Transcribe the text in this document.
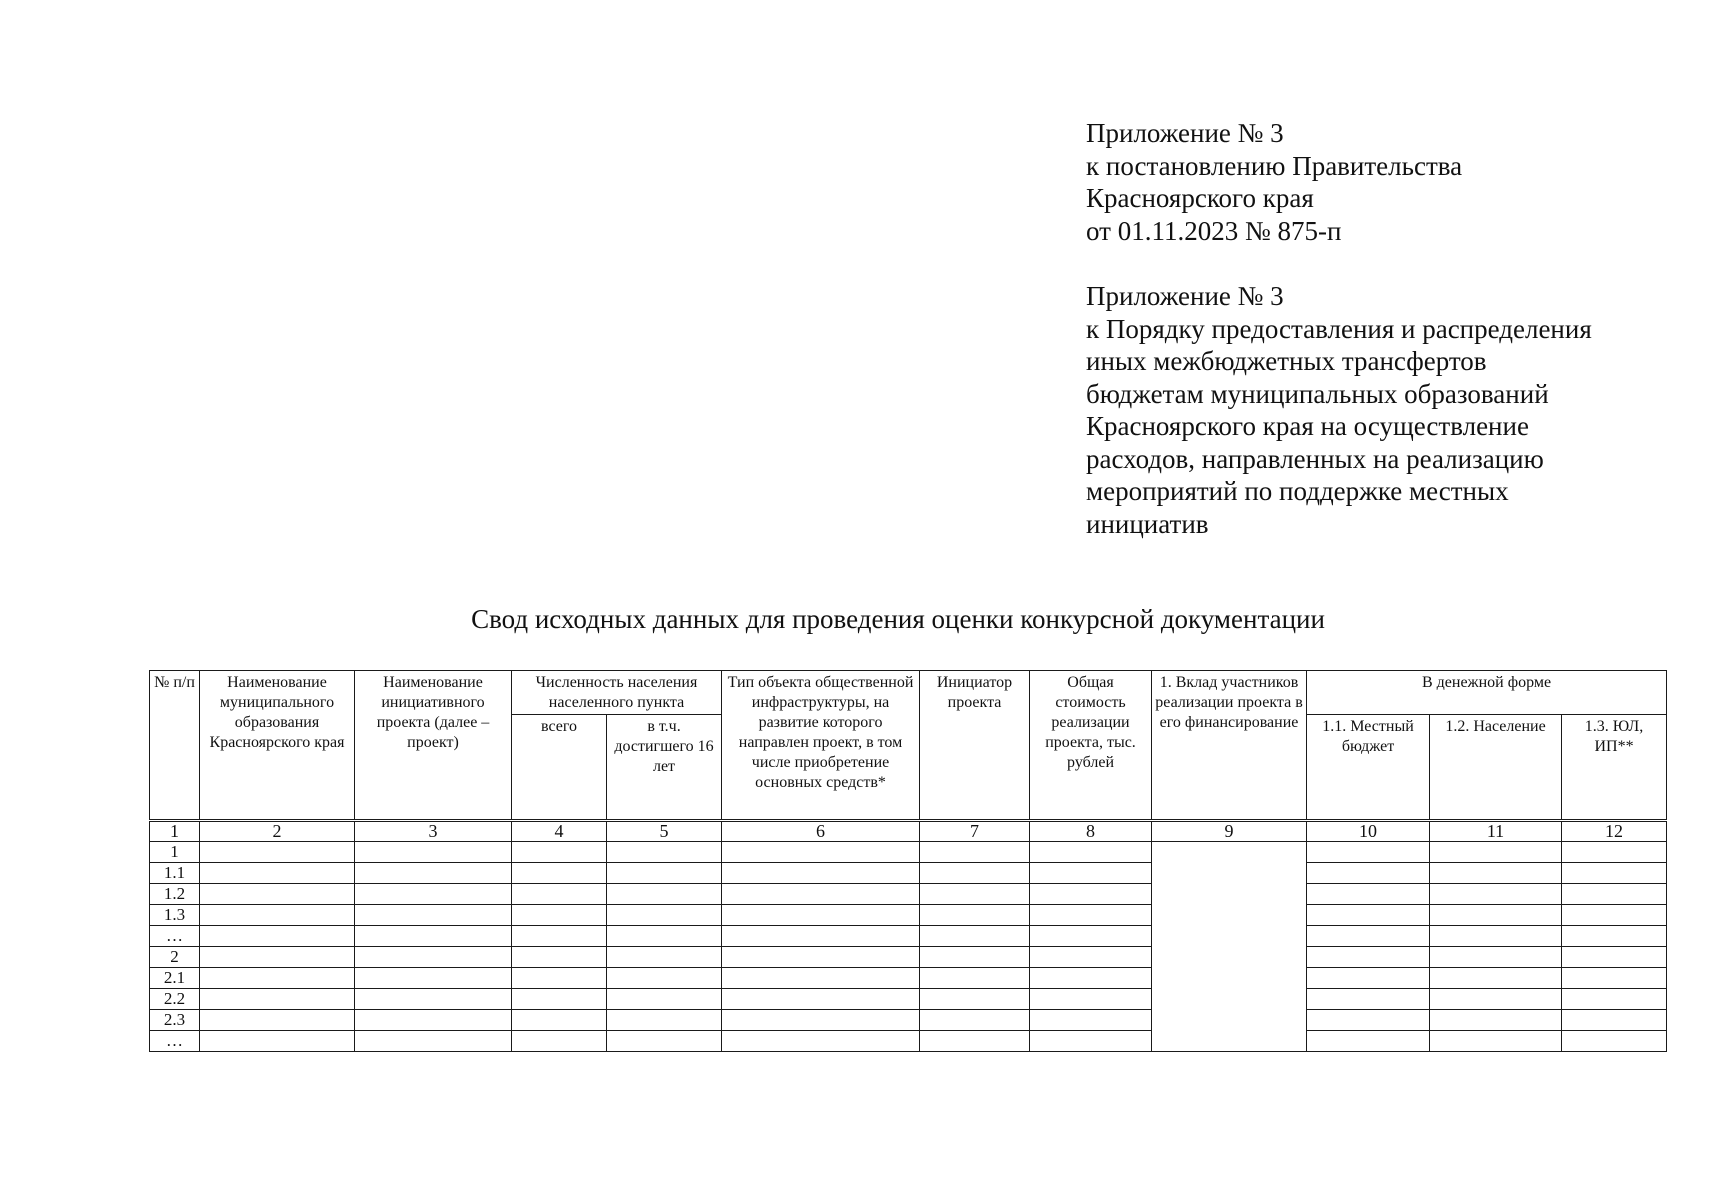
Приложение № 3
к постановлению Правительства
Красноярского края
от 01.11.2023 № 875-п
Приложение № 3
к Порядку предоставления и распределения
иных межбюджетных трансфертов
бюджетам муниципальных образований
Красноярского края на осуществление
расходов, направленных на реализацию
мероприятий по поддержке местных
инициатив
Свод исходных данных для проведения оценки конкурсной документации
№ п/п	Наименование муниципального образования Красноярского края	Наименование инициативного проекта (далее – проект)	Численность населения населенного пункта		Тип объекта общественной инфраструктуры, на развитие которого направлен проект, в том числе приобретение основных средств*	Инициатор проекта	Общая стоимость реализации проекта, тыс. рублей	1. Вклад участников реализации проекта в его финансирование	В денежной форме		
			всего	в т.ч. достигшего 16 лет					1.1. Местный бюджет	1.2. Население	1.3. ЮЛ, ИП**
1	2	3	4	5	6	7	8	9	10	11	12
1											
1.1											
1.2											
1.3											
…											
2											
2.1											
2.2											
2.3											
…											
